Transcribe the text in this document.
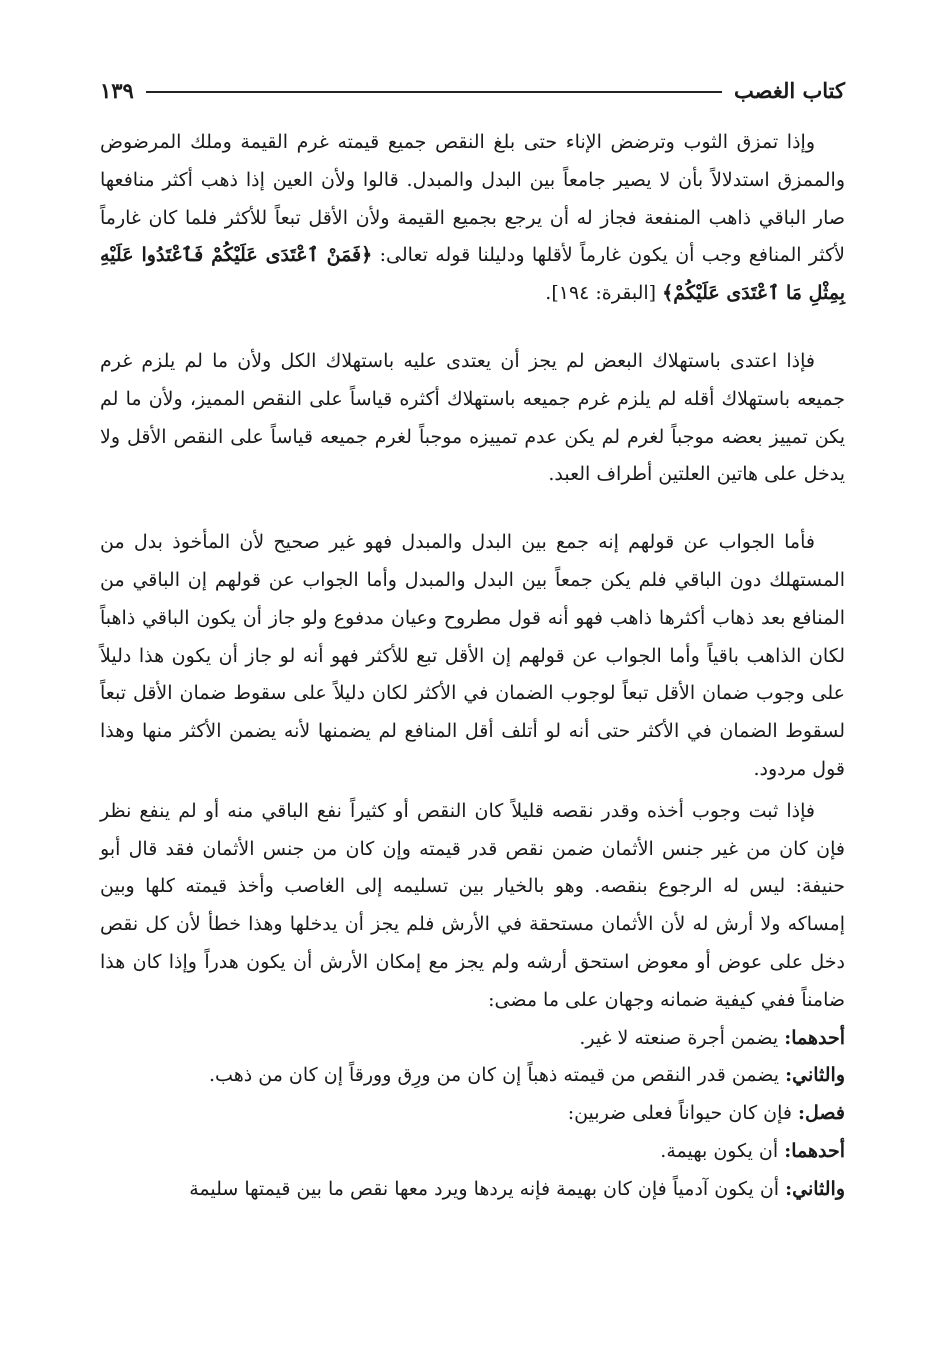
كتاب الغصب
١٣٩

وإذا تمزق الثوب وترضض الإناء حتى بلغ النقص جميع قيمته غرم القيمة وملك المرضوض والممزق استدلالاً بأن لا يصير جامعاً بين البدل والمبدل. قالوا ولأن العين إذا ذهب أكثر منافعها صار الباقي ذاهب المنفعة فجاز له أن يرجع بجميع القيمة ولأن الأقل تبعاً للأكثر فلما كان غارماً لأكثر المنافع وجب أن يكون غارماً لأقلها ودليلنا قوله تعالى: ﴿فَمَنْ ٱعْتَدَى عَلَيْكُمْ فَٱعْتَدُوا عَلَيْهِ بِمِثْلِ مَا ٱعْتَدَى عَلَيْكُمْ﴾ [البقرة: ١٩٤].

فإذا اعتدى باستهلاك البعض لم يجز أن يعتدى عليه باستهلاك الكل ولأن ما لم يلزم غرم جميعه باستهلاك أقله لم يلزم غرم جميعه باستهلاك أكثره قياساً على النقص المميز، ولأن ما لم يكن تمييز بعضه موجباً لغرم لم يكن عدم تمييزه موجباً لغرم جميعه قياساً على النقص الأقل ولا يدخل على هاتين العلتين أطراف العبد.

فأما الجواب عن قولهم إنه جمع بين البدل والمبدل فهو غير صحيح لأن المأخوذ بدل من المستهلك دون الباقي فلم يكن جمعاً بين البدل والمبدل وأما الجواب عن قولهم إن الباقي من المنافع بعد ذهاب أكثرها ذاهب فهو أنه قول مطروح وعيان مدفوع ولو جاز أن يكون الباقي ذاهباً لكان الذاهب باقياً وأما الجواب عن قولهم إن الأقل تبع للأكثر فهو أنه لو جاز أن يكون هذا دليلاً على وجوب ضمان الأقل تبعاً لوجوب الضمان في الأكثر لكان دليلاً على سقوط ضمان الأقل تبعاً لسقوط الضمان في الأكثر حتى أنه لو أتلف أقل المنافع لم يضمنها لأنه يضمن الأكثر منها وهذا قول مردود.

فإذا ثبت وجوب أخذه وقدر نقصه قليلاً كان النقص أو كثيراً نفع الباقي منه أو لم ينفع نظر فإن كان من غير جنس الأثمان ضمن نقص قدر قيمته وإن كان من جنس الأثمان فقد قال أبو حنيفة: ليس له الرجوع بنقصه. وهو بالخيار بين تسليمه إلى الغاصب وأخذ قيمته كلها وبين إمساكه ولا أرش له لأن الأثمان مستحقة في الأرش فلم يجز أن يدخلها وهذا خطأ لأن كل نقص دخل على عوض أو معوض استحق أرشه ولم يجز مع إمكان الأرش أن يكون هدراً وإذا كان هذا ضامناً ففي كيفية ضمانه وجهان على ما مضى:

أحدهما: يضمن أجرة صنعته لا غير.

والثاني: يضمن قدر النقص من قيمته ذهباً إن كان من ورِق وورقاً إن كان من ذهب.

فصل: فإن كان حيواناً فعلى ضربين:

أحدهما: أن يكون بهيمة.

والثاني: أن يكون آدمياً فإن كان بهيمة فإنه يردها ويرد معها نقص ما بين قيمتها سليمة
